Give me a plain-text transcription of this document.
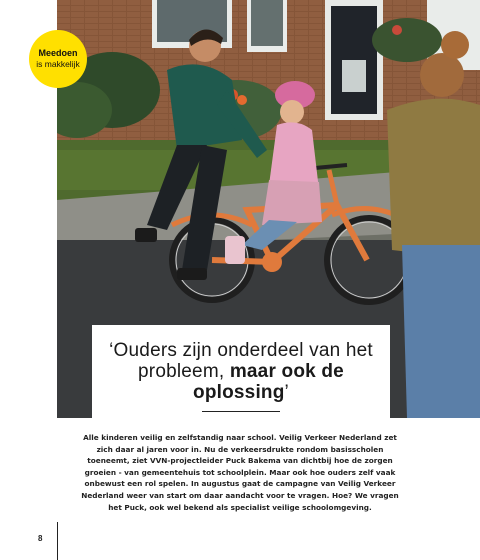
Meedoen
is makkelijk
‘Ouders zijn onderdeel van het probleem, maar ook de oplossing’
Alle kinderen veilig en zelfstandig naar school. Veilig Verkeer Nederland zet zich daar al jaren voor in. Nu de verkeersdrukte rondom basisscholen toeneemt, ziet VVN-projectleider Puck Bakema van dichtbij hoe de zorgen groeien - van gemeentehuis tot schoolplein. Maar ook hoe ouders zelf vaak onbewust een rol spelen. In augustus gaat de campagne van Veilig Verkeer Nederland weer van start om daar aandacht voor te vragen. Hoe? We vragen het Puck, ook wel bekend als specialist veilige schoolomgeving.
8
